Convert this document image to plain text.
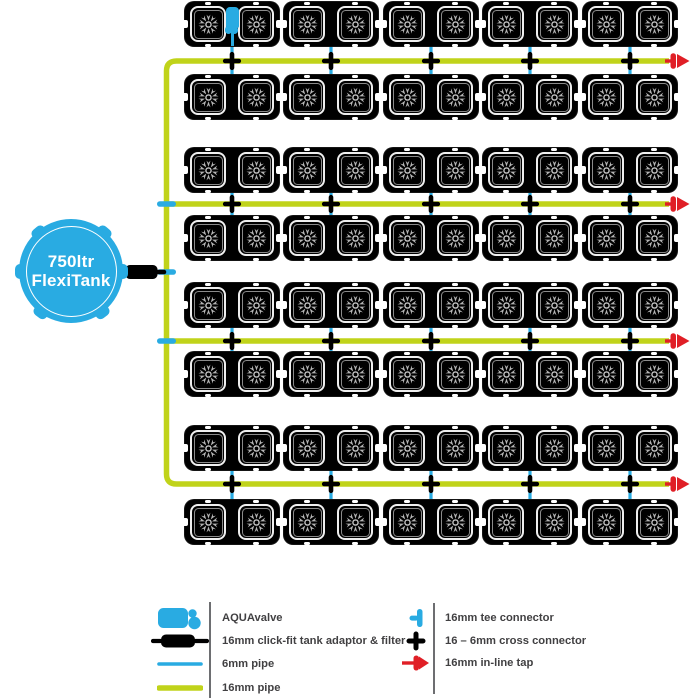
750ltr
FlexiTank
AQUAvalve
16mm click-fit tank adaptor & filter
6mm pipe
16mm pipe
16mm tee connector
16 – 6mm cross connector
16mm in-line tap
